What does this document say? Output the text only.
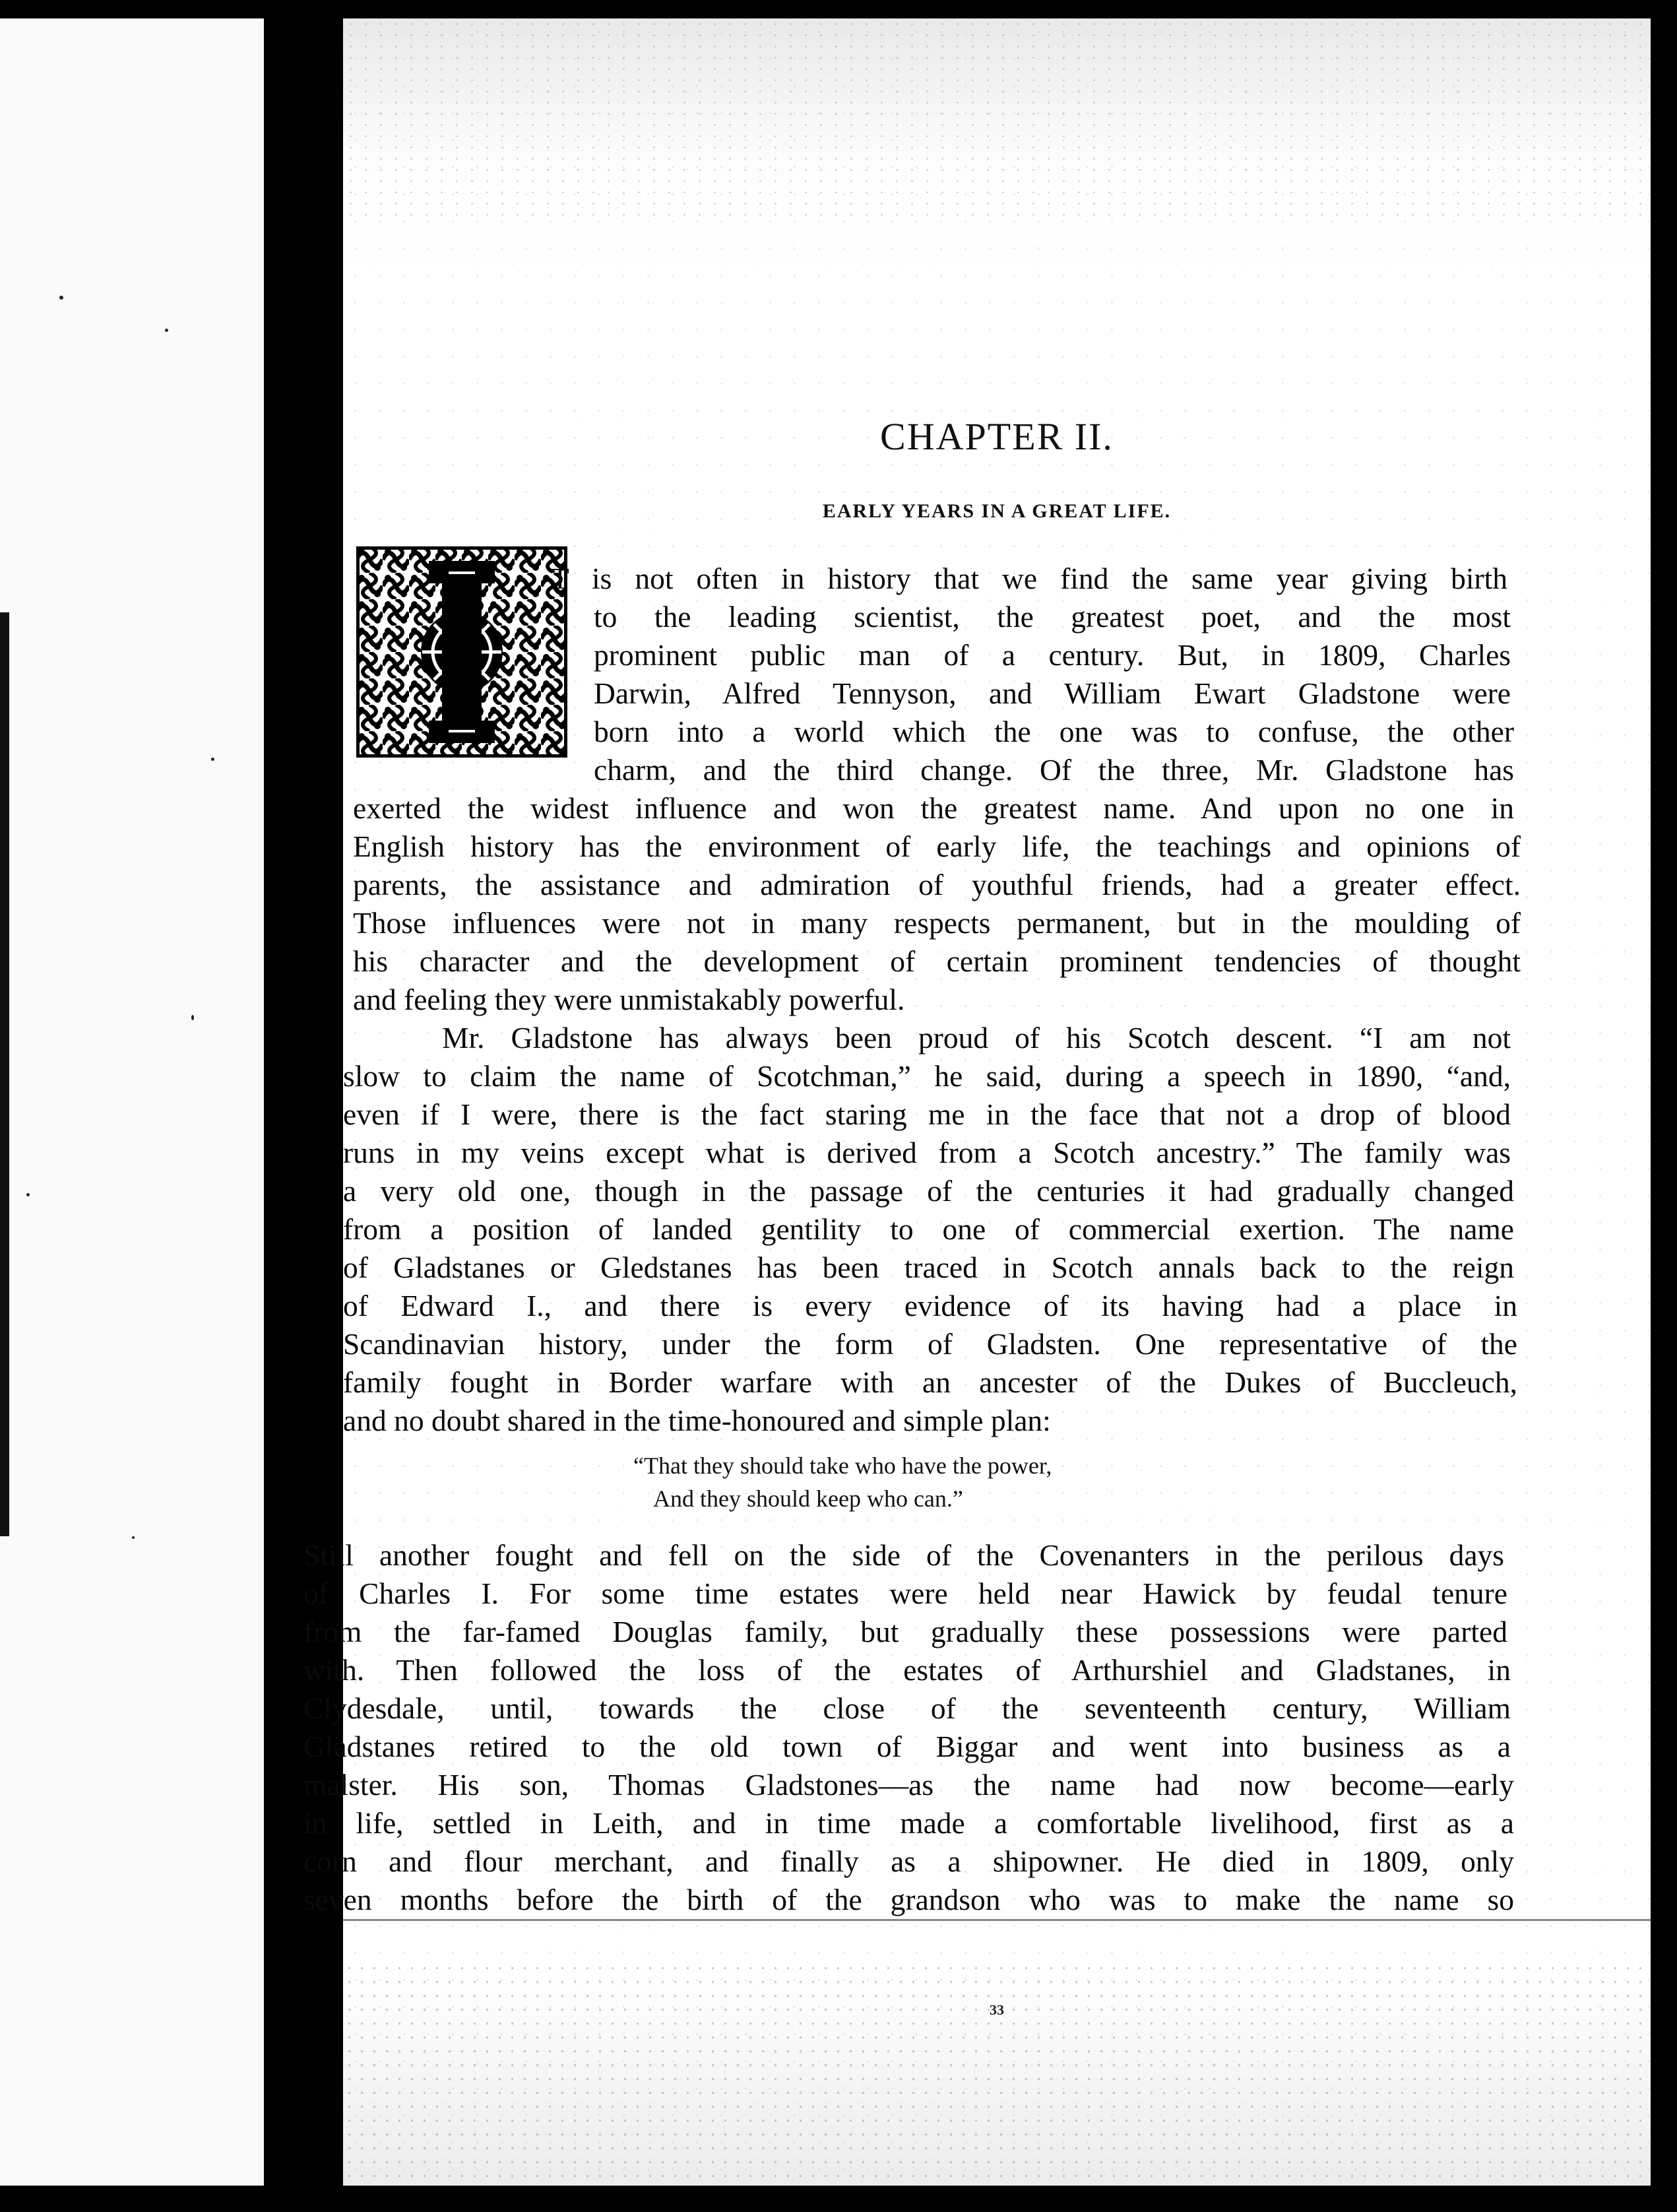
CHAPTER II.
EARLY YEARS IN A GREAT LIFE.
T is not often in history that we find the same year giving birth
to the leading scientist, the greatest poet, and the most
prominent public man of a century. But, in 1809, Charles
Darwin, Alfred Tennyson, and William Ewart Gladstone were
born into a world which the one was to confuse, the other
charm, and the third change. Of the three, Mr. Gladstone has
exerted the widest influence and won the greatest name. And upon no one in
English history has the environment of early life, the teachings and opinions of
parents, the assistance and admiration of youthful friends, had a greater effect.
Those influences were not in many respects permanent, but in the moulding of
his character and the development of certain prominent tendencies of thought
and feeling they were unmistakably powerful.
Mr. Gladstone has always been proud of his Scotch descent. “I am not
slow to claim the name of Scotchman,” he said, during a speech in 1890, “and,
even if I were, there is the fact staring me in the face that not a drop of blood
runs in my veins except what is derived from a Scotch ancestry.” The family was
a very old one, though in the passage of the centuries it had gradually changed
from a position of landed gentility to one of commercial exertion. The name
of Gladstanes or Gledstanes has been traced in Scotch annals back to the reign
of Edward I., and there is every evidence of its having had a place in
Scandinavian history, under the form of Gladsten. One representative of the
family fought in Border warfare with an ancester of the Dukes of Buccleuch,
and no doubt shared in the time-honoured and simple plan:
“That they should take who have the power,
And they should keep who can.”
Still another fought and fell on the side of the Covenanters in the perilous days
of Charles I. For some time estates were held near Hawick by feudal tenure
from the far-famed Douglas family, but gradually these possessions were parted
with. Then followed the loss of the estates of Arthurshiel and Gladstanes, in
Clydesdale, until, towards the close of the seventeenth century, William
Gladstanes retired to the old town of Biggar and went into business as a
malster. His son, Thomas Gladstones—as the name had now become—early
in life, settled in Leith, and in time made a comfortable livelihood, first as a
corn and flour merchant, and finally as a shipowner. He died in 1809, only
seven months before the birth of the grandson who was to make the name so
33
